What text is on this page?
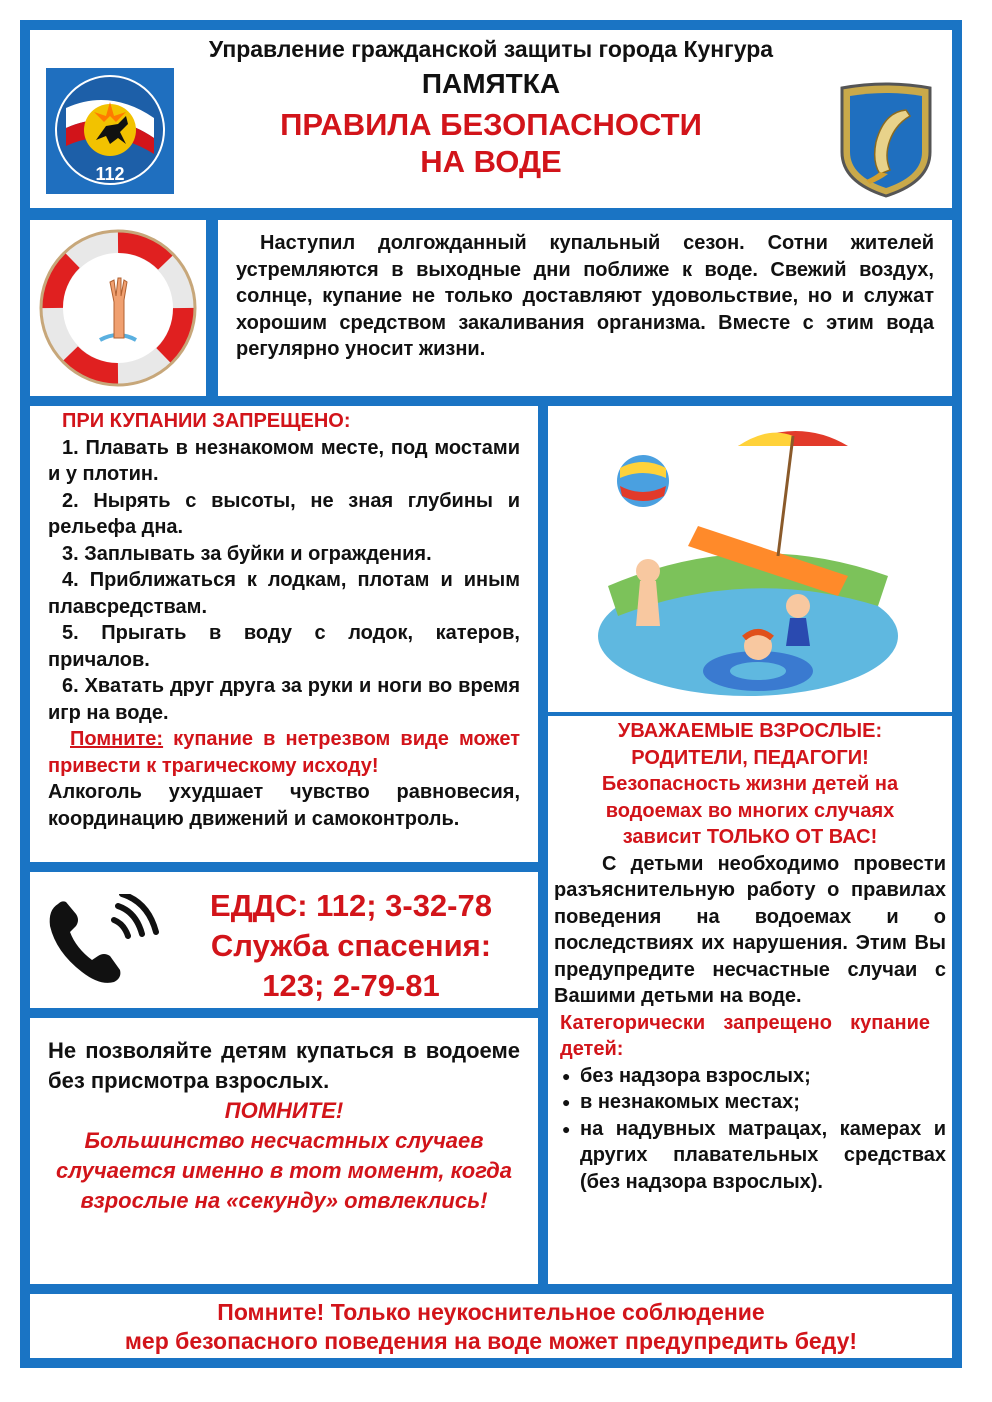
112
Управление гражданской защиты города Кунгура
ПАМЯТКА
ПРАВИЛА БЕЗОПАСНОСТИ
НА ВОДЕ

Наступил долгожданный купальный сезон. Сотни жителей устремляются в выходные дни поближе к воде. Свежий воздух, солнце, купание не только доставляют удовольствие, но и служат хорошим средством закаливания организма. Вместе с этим вода регулярно уносит жизни.

ПРИ КУПАНИИ ЗАПРЕЩЕНО:

1. Плавать в незнакомом месте, под мостами и у плотин.

2. Нырять с высоты, не зная глубины и рельефа дна.

3. Заплывать за буйки и ограждения.

4. Приближаться к лодкам, плотам и иным плавсредствам.

5. Прыгать в воду с лодок, катеров, причалов.

6. Хватать друг друга за руки и ноги во время игр на воде.

Помните: купание в нетрезвом виде может привести к трагическому исходу!

Алкоголь ухудшает чувство равновесия, координацию движений и самоконтроль.

УВАЖАЕМЫЕ ВЗРОСЛЫЕ:
РОДИТЕЛИ, ПЕДАГОГИ!
Безопасность жизни детей на водоемах во многих случаях зависит ТОЛЬКО ОТ ВАС!

С детьми необходимо провести разъяснительную работу о правилах поведения на водоемах и о последствиях их нарушения. Этим Вы предупредите несчастные случаи с Вашими детьми на воде.

Категорически запрещено купание детей:

● без надзора взрослых;
● в незнакомых местах;
● на надувных матрацах, камерах и других плавательных средствах (без надзора взрослых).
ЕДДС: 112; 3-32-78
Служба спасения:
123; 2-79-81

Не позволяйте детям купаться в водоеме без присмотра взрослых.

ПОМНИТЕ!

Большинство несчастных случаев случается именно в тот момент, когда взрослые на «секунду» отвлеклись!

Помните! Только неукоснительное соблюдение
мер безопасного поведения на воде может предупредить беду!
